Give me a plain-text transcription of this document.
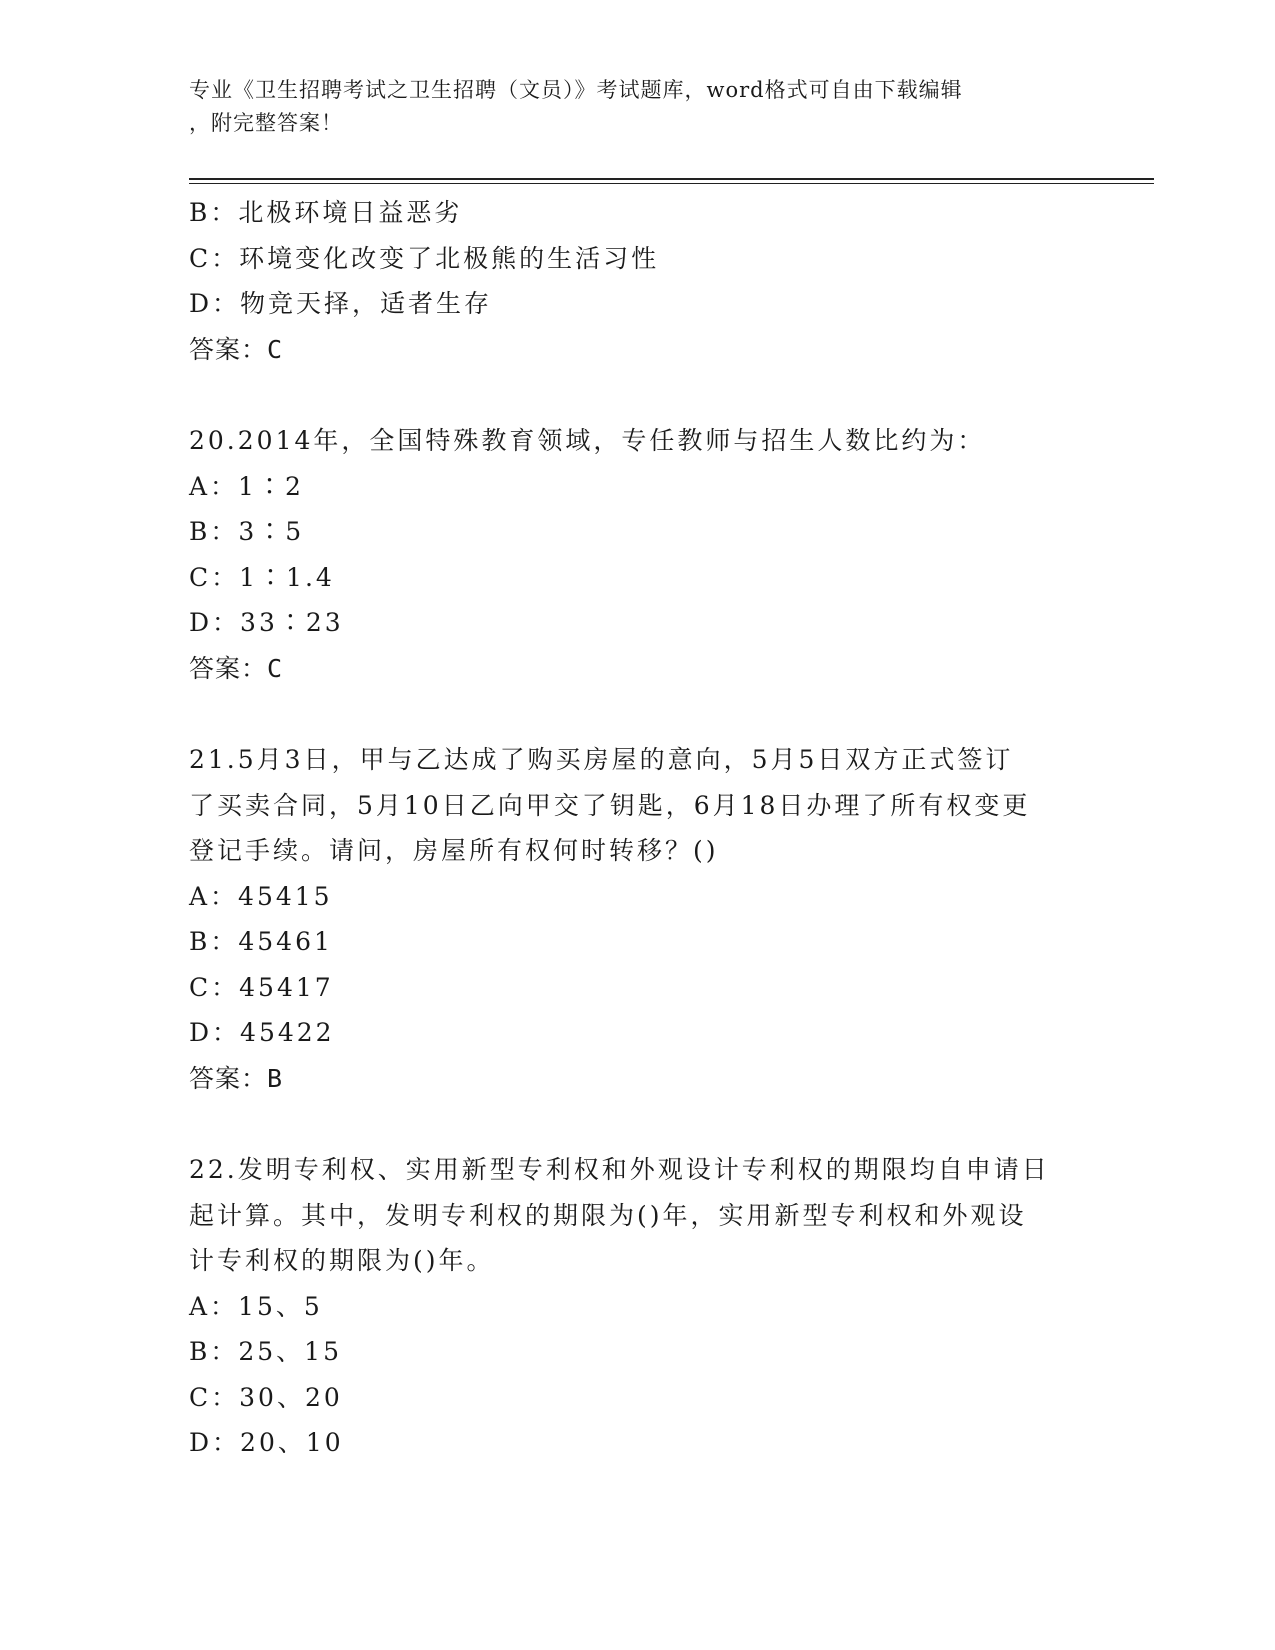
专业《卫生招聘考试之卫生招聘（文员）》考试题库，word格式可自由下载编辑
，附完整答案！
B：北极环境日益恶劣
C：环境变化改变了北极熊的生活习性
D：物竞天择，适者生存
答案：C
20.2014年，全国特殊教育领域，专任教师与招生人数比约为：
A：1∶2
B：3∶5
C：1∶1.4
D：33∶23
答案：C
21.5月3日，甲与乙达成了购买房屋的意向，5月5日双方正式签订
了买卖合同，5月10日乙向甲交了钥匙，6月18日办理了所有权变更
登记手续。请问，房屋所有权何时转移？()
A：45415
B：45461
C：45417
D：45422
答案：B
22.发明专利权、实用新型专利权和外观设计专利权的期限均自申请日
起计算。其中，发明专利权的期限为()年，实用新型专利权和外观设
计专利权的期限为()年。
A：15、5
B：25、15
C：30、20
D：20、10
